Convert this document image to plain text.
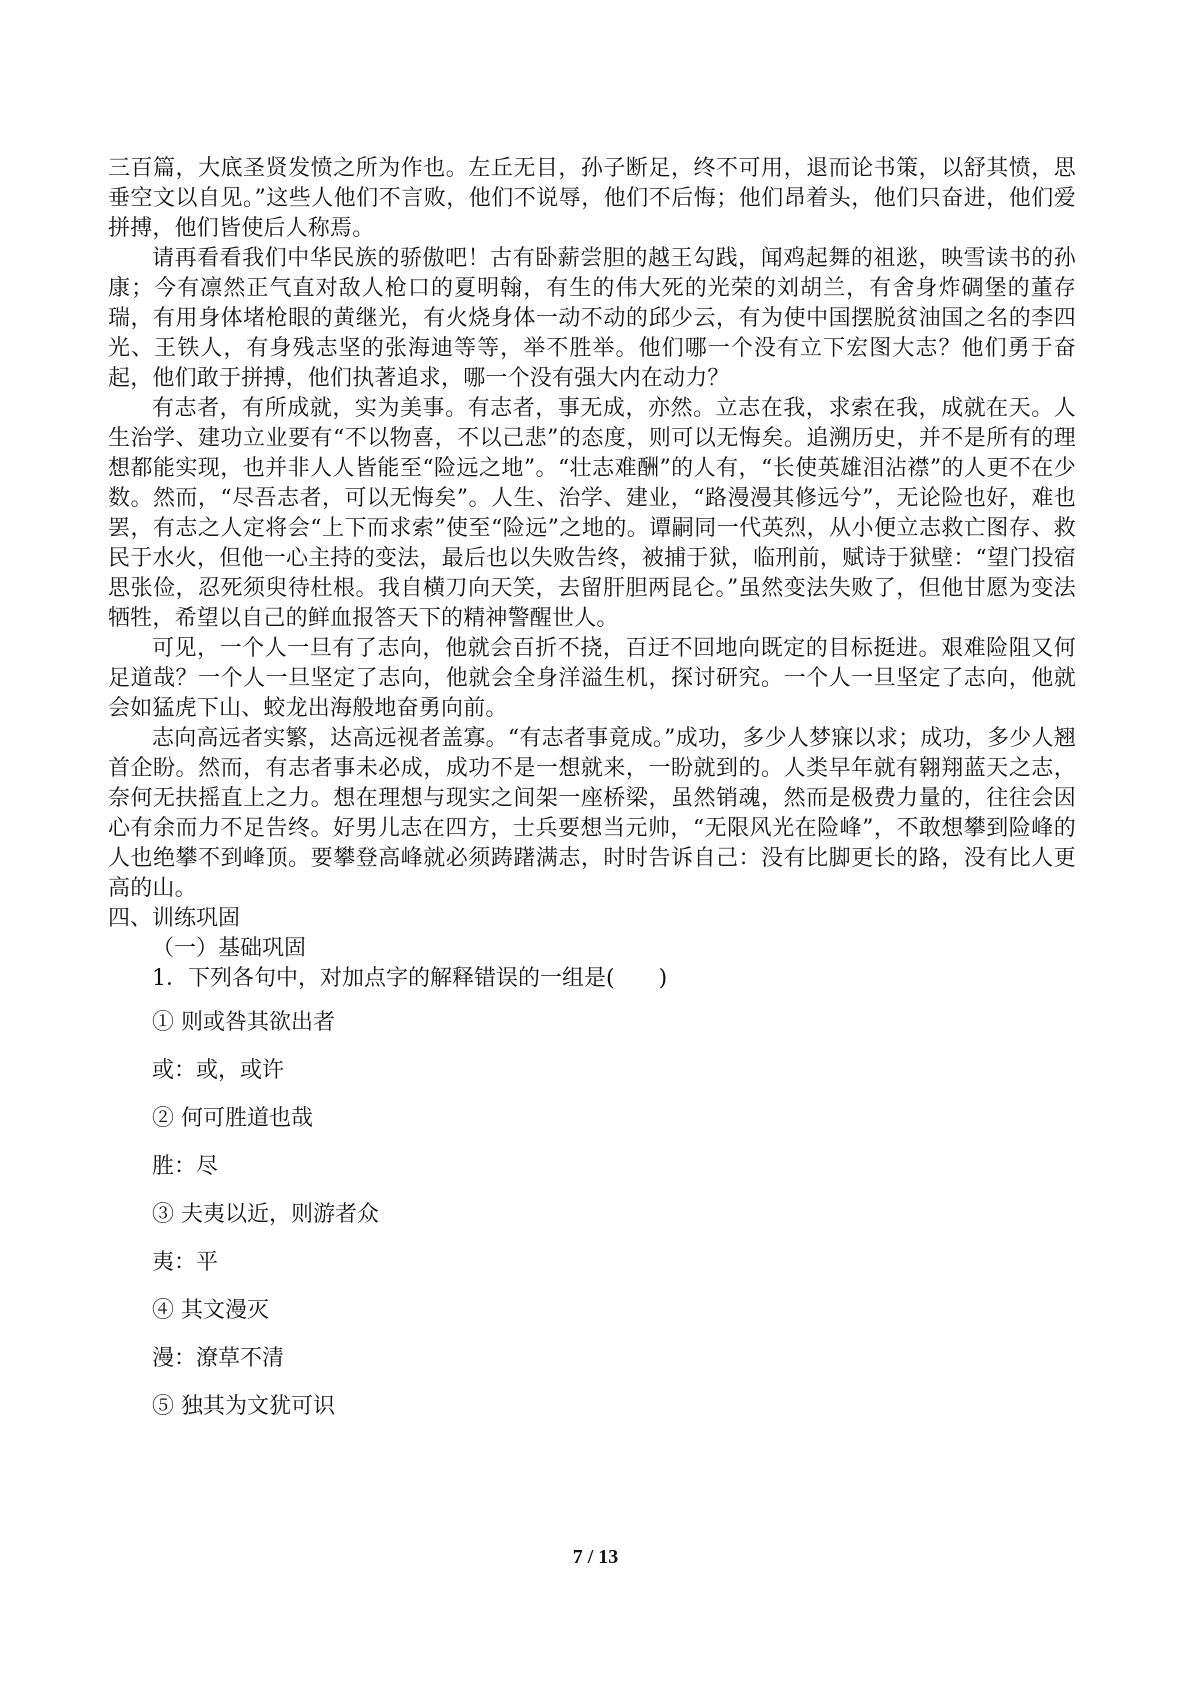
三百篇，大底圣贤发愤之所为作也。左丘无目，孙子断足，终不可用，退而论书策，以舒其愤，思垂空文以自见。”这些人他们不言败，他们不说辱，他们不后悔；他们昂着头，他们只奋进，他们爱拼搏，他们皆使后人称焉。

请再看看我们中华民族的骄傲吧！古有卧薪尝胆的越王勾践，闻鸡起舞的祖逖，映雪读书的孙康；今有凛然正气直对敌人枪口的夏明翰，有生的伟大死的光荣的刘胡兰，有舍身炸碉堡的董存瑞，有用身体堵枪眼的黄继光，有火烧身体一动不动的邱少云，有为使中国摆脱贫油国之名的李四光、王铁人，有身残志坚的张海迪等等，举不胜举。他们哪一个没有立下宏图大志？他们勇于奋起，他们敢于拼搏，他们执著追求，哪一个没有强大内在动力？

有志者，有所成就，实为美事。有志者，事无成，亦然。立志在我，求索在我，成就在天。人生治学、建功立业要有“不以物喜，不以己悲”的态度，则可以无悔矣。追溯历史，并不是所有的理想都能实现，也并非人人皆能至“险远之地”。“壮志难酬”的人有，“长使英雄泪沾襟”的人更不在少数。然而，“尽吾志者，可以无悔矣”。人生、治学、建业，“路漫漫其修远兮”，无论险也好，难也罢，有志之人定将会“上下而求索”使至“险远”之地的。谭嗣同一代英烈，从小便立志救亡图存、救民于水火，但他一心主持的变法，最后也以失败告终，被捕于狱，临刑前，赋诗于狱壁：“望门投宿思张俭，忍死须臾待杜根。我自横刀向天笑，去留肝胆两昆仑。”虽然变法失败了，但他甘愿为变法牺牲，希望以自己的鲜血报答天下的精神警醒世人。

可见，一个人一旦有了志向，他就会百折不挠，百迂不回地向既定的目标挺进。艰难险阻又何足道哉？一个人一旦坚定了志向，他就会全身洋溢生机，探讨研究。一个人一旦坚定了志向，他就会如猛虎下山、蛟龙出海般地奋勇向前。

志向高远者实繁，达高远视者盖寡。“有志者事竟成。”成功，多少人梦寐以求；成功，多少人翘首企盼。然而，有志者事未必成，成功不是一想就来，一盼就到的。人类早年就有翱翔蓝天之志，奈何无扶摇直上之力。想在理想与现实之间架一座桥梁，虽然销魂，然而是极费力量的，往往会因心有余而力不足告终。好男儿志在四方，士兵要想当元帅，“无限风光在险峰”，不敢想攀到险峰的人也绝攀不到峰顶。要攀登高峰就必须踌躇满志，时时告诉自己：没有比脚更长的路，没有比人更高的山。

四、训练巩固

（一）基础巩固

1．下列各句中，对加点字的解释错误的一组是(　　)

① 则或咎其欲出者

或：或，或许

② 何可胜道也哉

胜：尽

③ 夫夷以近，则游者众

夷：平

④ 其文漫灭

漫：潦草不清

⑤ 独其为文犹可识

7 / 13
